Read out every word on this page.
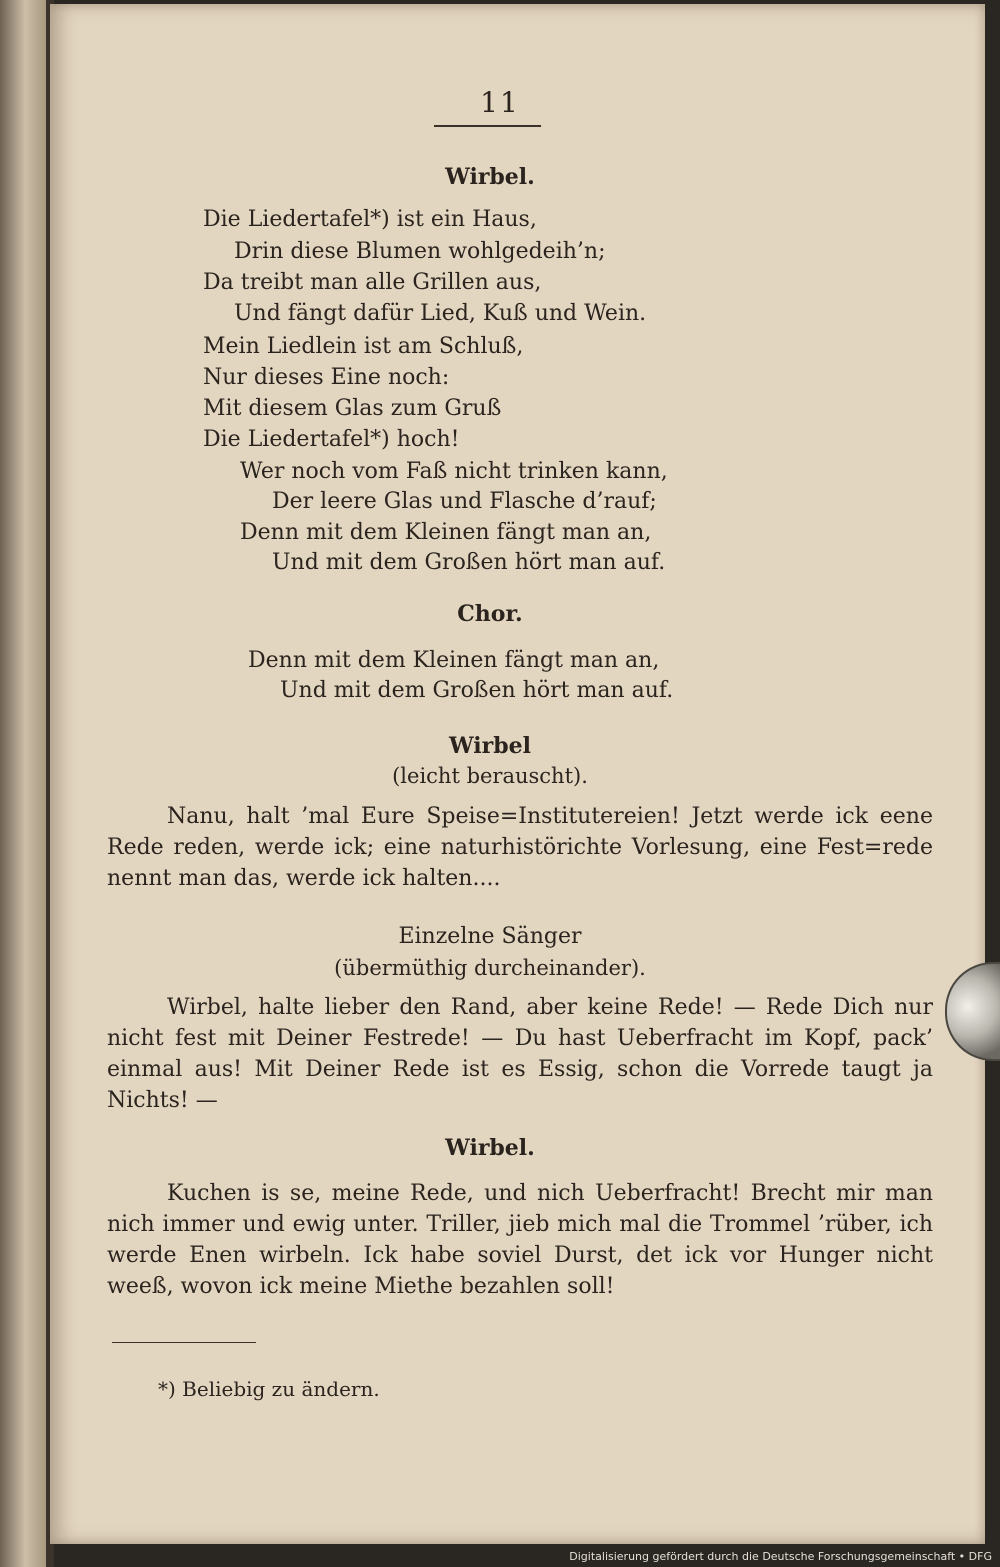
11
Wirbel.
Die Liedertafel*) ist ein Haus,
Drin diese Blumen wohlgedeih’n;
Da treibt man alle Grillen aus,
Und fängt dafür Lied, Kuß und Wein.
Mein Liedlein ist am Schluß,
Nur dieses Eine noch:
Mit diesem Glas zum Gruß
Die Liedertafel*) hoch!
Wer noch vom Faß nicht trinken kann,
Der leere Glas und Flasche d’rauf;
Denn mit dem Kleinen fängt man an,
Und mit dem Großen hört man auf.
Chor.
Denn mit dem Kleinen fängt man an,
Und mit dem Großen hört man auf.
Wirbel
(leicht berauscht).
Nanu, halt ’mal Eure Speise=Institutereien! Jetzt werde ick eene Rede reden, werde ick; eine naturhistörichte Vorlesung, eine Fest=rede nennt man das, werde ick halten....
Einzelne Sänger
(übermüthig durcheinander).
Wirbel, halte lieber den Rand, aber keine Rede! — Rede Dich nur nicht fest mit Deiner Festrede! — Du hast Ueberfracht im Kopf, pack’ einmal aus! Mit Deiner Rede ist es Essig, schon die Vorrede taugt ja Nichts! —
Wirbel.
Kuchen is se, meine Rede, und nich Ueberfracht! Brecht mir man nich immer und ewig unter. Triller, jieb mich mal die Trommel ’rüber, ich werde Enen wirbeln. Ick habe soviel Durst, det ick vor Hunger nicht weeß, wovon ick meine Miethe bezahlen soll!
*) Beliebig zu ändern.
Digitalisierung gefördert durch die Deutsche Forschungsgemeinschaft • DFG
